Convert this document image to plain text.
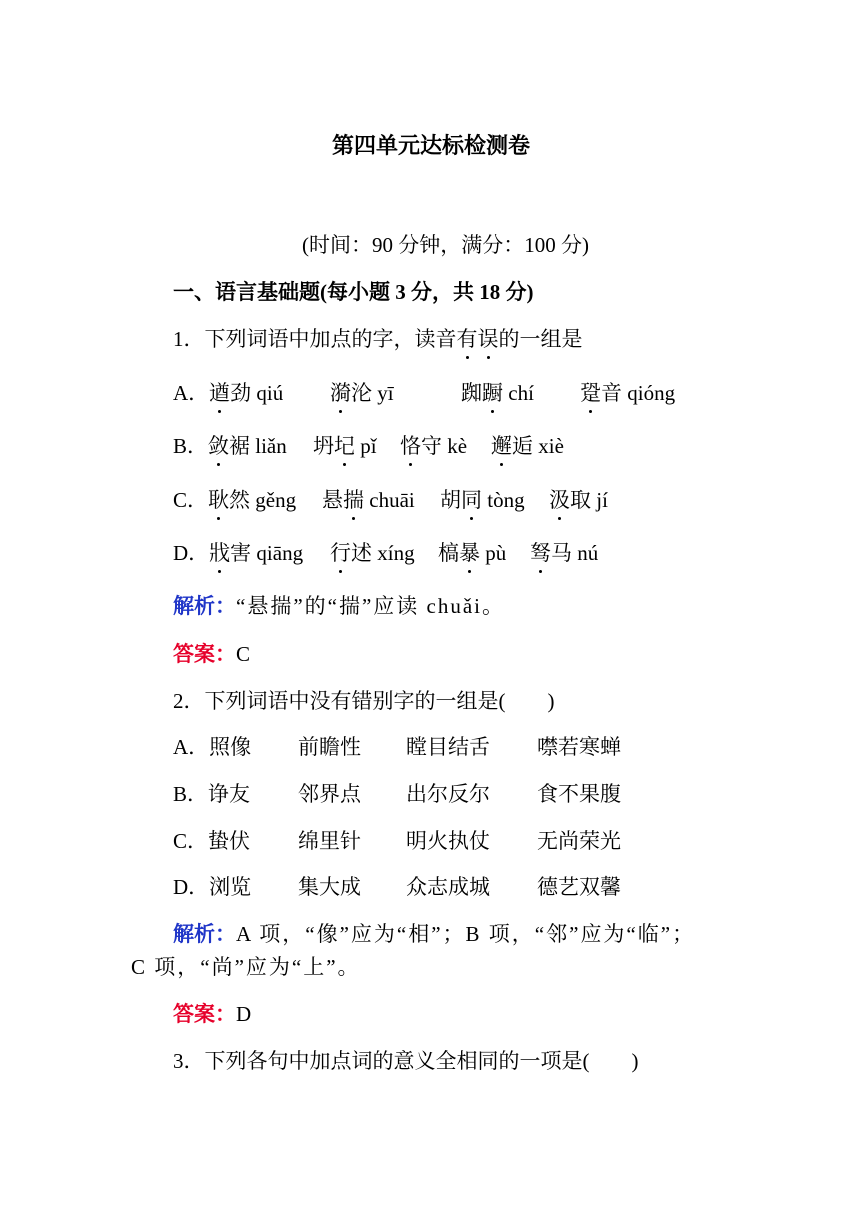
第四单元达标检测卷
(时间：90 分钟，满分：100 分)
一、语言基础题(每小题 3 分，共 18 分)
1．下列词语中加点的字，读音有误的一组是
A．遒劲 qiú 漪沦 yī	踟蹰 chí 跫音 qióng
B．敛裾 liǎn 坍圮 pǐ 恪守 kè 邂逅 xiè
C．耿然 gěng 悬揣 chuāi 胡同 tòng 汲取 jí
D．戕害 qiāng 行述 xíng 槁暴 pù 驽马 nú
解析：“悬揣”的“揣”应读 chuǎi。
答案：C
2．下列词语中没有错别字的一组是(　　)
A．照像 前瞻性 瞠目结舌 噤若寒蝉
B．诤友 邻界点 出尔反尔 食不果腹
C．蛰伏 绵里针 明火执仗 无尚荣光
D．浏览 集大成 众志成城 德艺双馨
解析：A 项，“像”应为“相”；B 项，“邻”应为“临”；
C 项，“尚”应为“上”。
答案：D
3．下列各句中加点词的意义全相同的一项是(　　)
